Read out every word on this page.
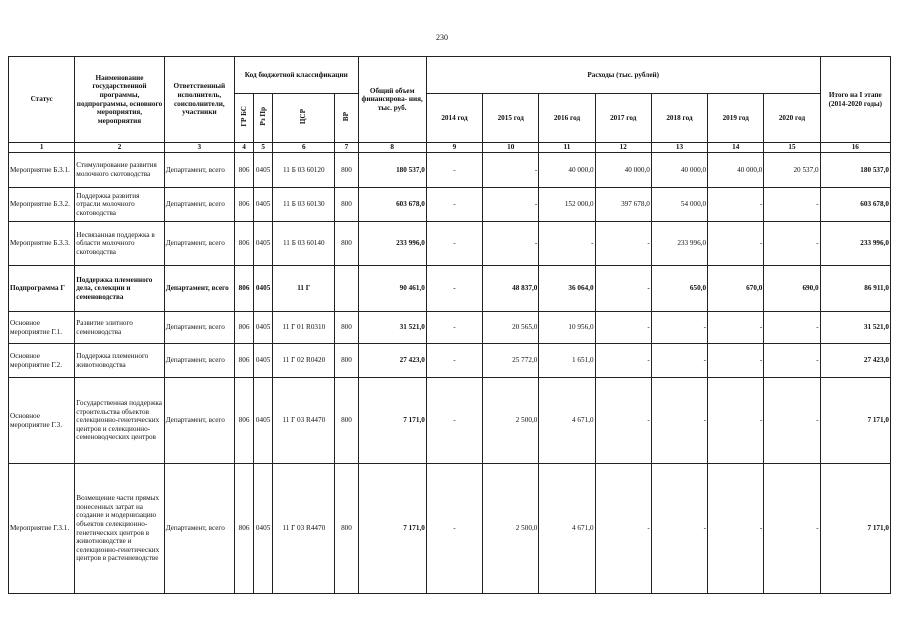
230
Статус	Наименование государственной программы, подпрограммы, основного мероприятия, мероприятия	Ответственный исполнитель, соисполнители, участники	Код бюджетной классификации				Общий объем финансирова- ния, тыс. руб.	Расходы (тыс. рублей)							Итого на I этапе (2014-2020 годы)
			ГР БС	Рз Пр	ЦСР	ВР		2014 год	2015 год	2016 год	2017 год	2018 год	2019 год	2020 год	
1	2	3	4	5	6	7	8	9	10	11	12	13	14	15	16
Мероприятие Б.3.1.	Стимулирование развития молочного скотоводства	Департамент, всего	806	0405	11 Б 03 60120	800	180 537,0	-	-	40 000,0	40 000,0	40 000,0	40 000,0	20 537,0	180 537,0
Мероприятие Б.3.2.	Поддержка развития отрасли молочного скотоводства	Департамент, всего	806	0405	11 Б 03 60130	800	603 678,0	-	-	152 000,0	397 678,0	54 000,0	-	-	603 678,0
Мероприятие Б.3.3.	Несвязанная поддержка в области молочного скотоводства	Департамент, всего	806	0405	11 Б 03 60140	800	233 996,0	-	-	-	-	233 996,0	-	-	233 996,0
Подпрограмма Г	Поддержка племенного дела, селекции и семеноводства	Департамент, всего	806	0405	11 Г		90 461,0	-	48 837,0	36 064,0	-	650,0	670,0	690,0	86 911,0
Основное мероприятие Г.1.	Развитие элитного семеноводства	Департамент, всего	806	0405	11 Г 01 R0310	800	31 521,0	-	20 565,0	10 956,0	-	-	-	-	31 521,0
Основное мероприятие Г.2.	Поддержка племенного животноводства	Департамент, всего	806	0405	11 Г 02 R0420	800	27 423,0	-	25 772,0	1 651,0	-	-	-	-	27 423,0
Основное мероприятие Г.3.	Государственная поддержка строительства объектов селекционно-генетических центров и селекционно-семеноводческих центров	Департамент, всего	806	0405	11 Г 03 R4470	800	7 171,0	-	2 500,0	4 671,0	-	-	-	-	7 171,0
Мероприятие Г.3.1.	Возмещение части прямых понесенных затрат на создание и модернизацию объектов селекционно-генетических центров в животноводстве и селекционно-генетических центров в растениеводстве	Департамент, всего	806	0405	11 Г 03 R4470	800	7 171,0	-	2 500,0	4 671,0	-	-	-	-	7 171,0
